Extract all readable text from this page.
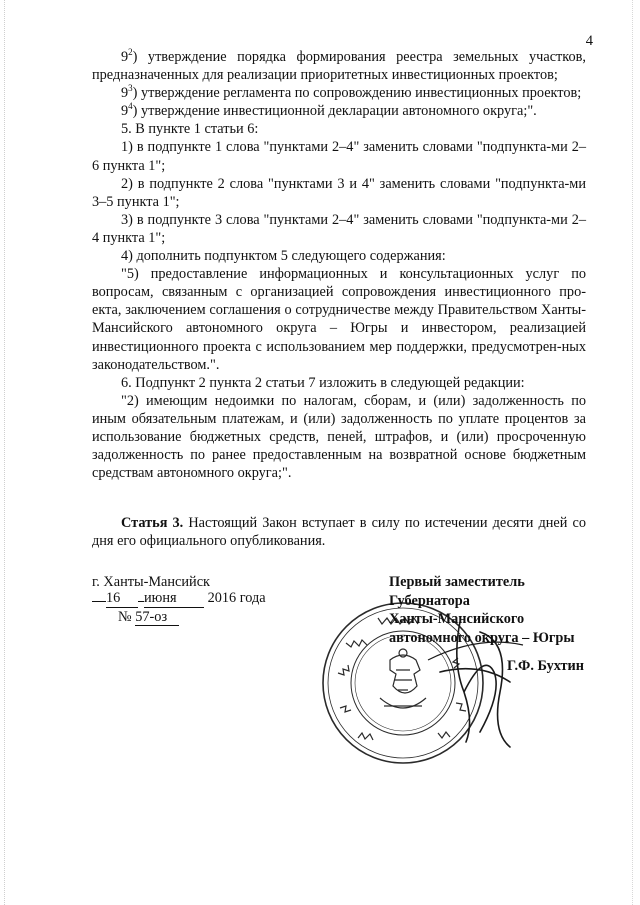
4

$9^2$) утверждение порядка формирования реестра земельных участков, предназначенных для реализации приоритетных инвестиционных проектов;

$9^3$) утверждение регламента по сопровождению инвестиционных проектов;

$9^4$) утверждение инвестиционной декларации автономного округа;".

5. В пункте 1 статьи 6:

1) в подпункте 1 слова "пунктами 2–4" заменить словами "подпункта-ми 2–6 пункта 1";

2) в подпункте 2 слова "пунктами 3 и 4" заменить словами "подпункта-ми 3–5 пункта 1";

3) в подпункте 3 слова "пунктами 2–4" заменить словами "подпункта-ми 2–4 пункта 1";

4) дополнить подпунктом 5 следующего содержания:

"5) предоставление информационных и консультационных услуг по вопросам, связанным с организацией сопровождения инвестиционного про-екта, заключением соглашения о сотрудничестве между Правительством Ханты-Мансийского автономного округа – Югры и инвестором, реализацией инвестиционного проекта с использованием мер поддержки, предусмотрен-ных законодательством.".

6. Подпункт 2 пункта 2 статьи 7 изложить в следующей редакции:

"2) имеющим недоимки по налогам, сборам, и (или) задолженность по иным обязательным платежам, и (или) задолженность по уплате процентов за использование бюджетных средств, пеней, штрафов, и (или) просроченную задолженность по ранее предоставленным на возвратной основе бюджетным средствам автономного округа;".

Статья 3. Настоящий Закон вступает в силу по истечении десяти дней со дня его официального опубликования.

г. Ханты-Мансийск
16 июня 2016 года
№ 57-оз
Первый заместитель
Губернатора
Ханты-Мансийского
автономного округа – Югры
Г.Ф. Бухтин
